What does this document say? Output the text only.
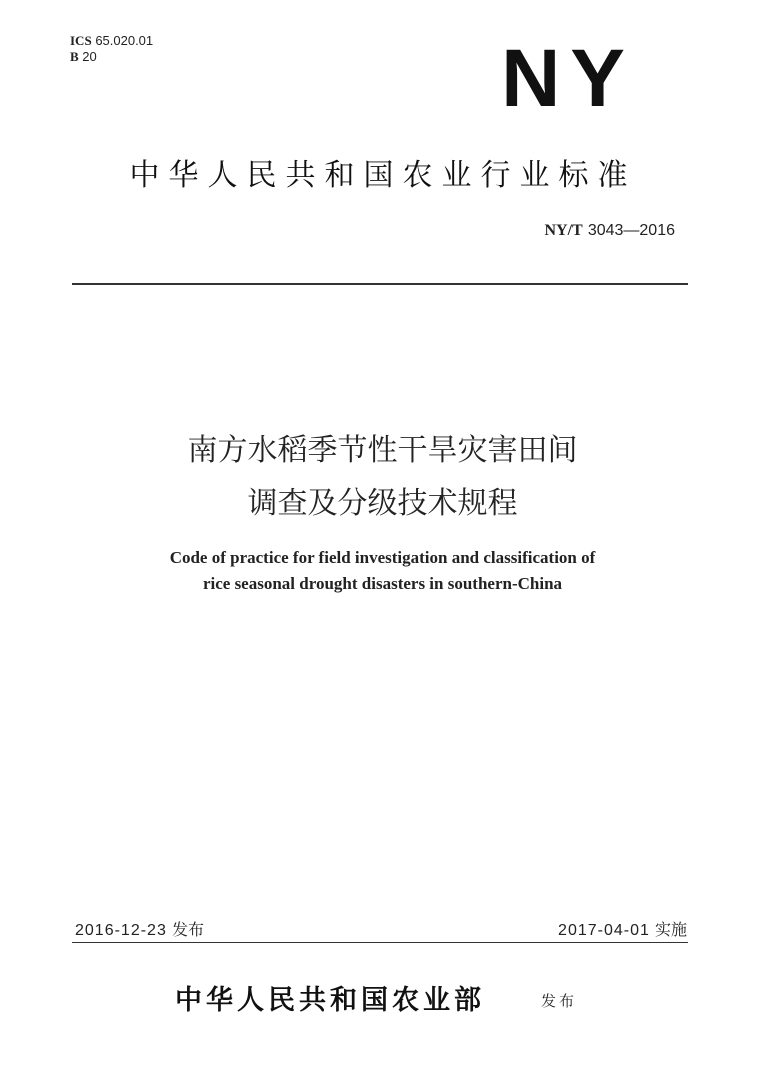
ICS 65.020.01
B 20	NY
中华人民共和国农业行业标准
NY/T 3043—2016
南方水稻季节性干旱灾害田间
调查及分级技术规程
Code of practice for field investigation and classification of
rice seasonal drought disasters in southern-China
2016-12-23 发布	2017-04-01 实施
中华人民共和国农业部	发布
